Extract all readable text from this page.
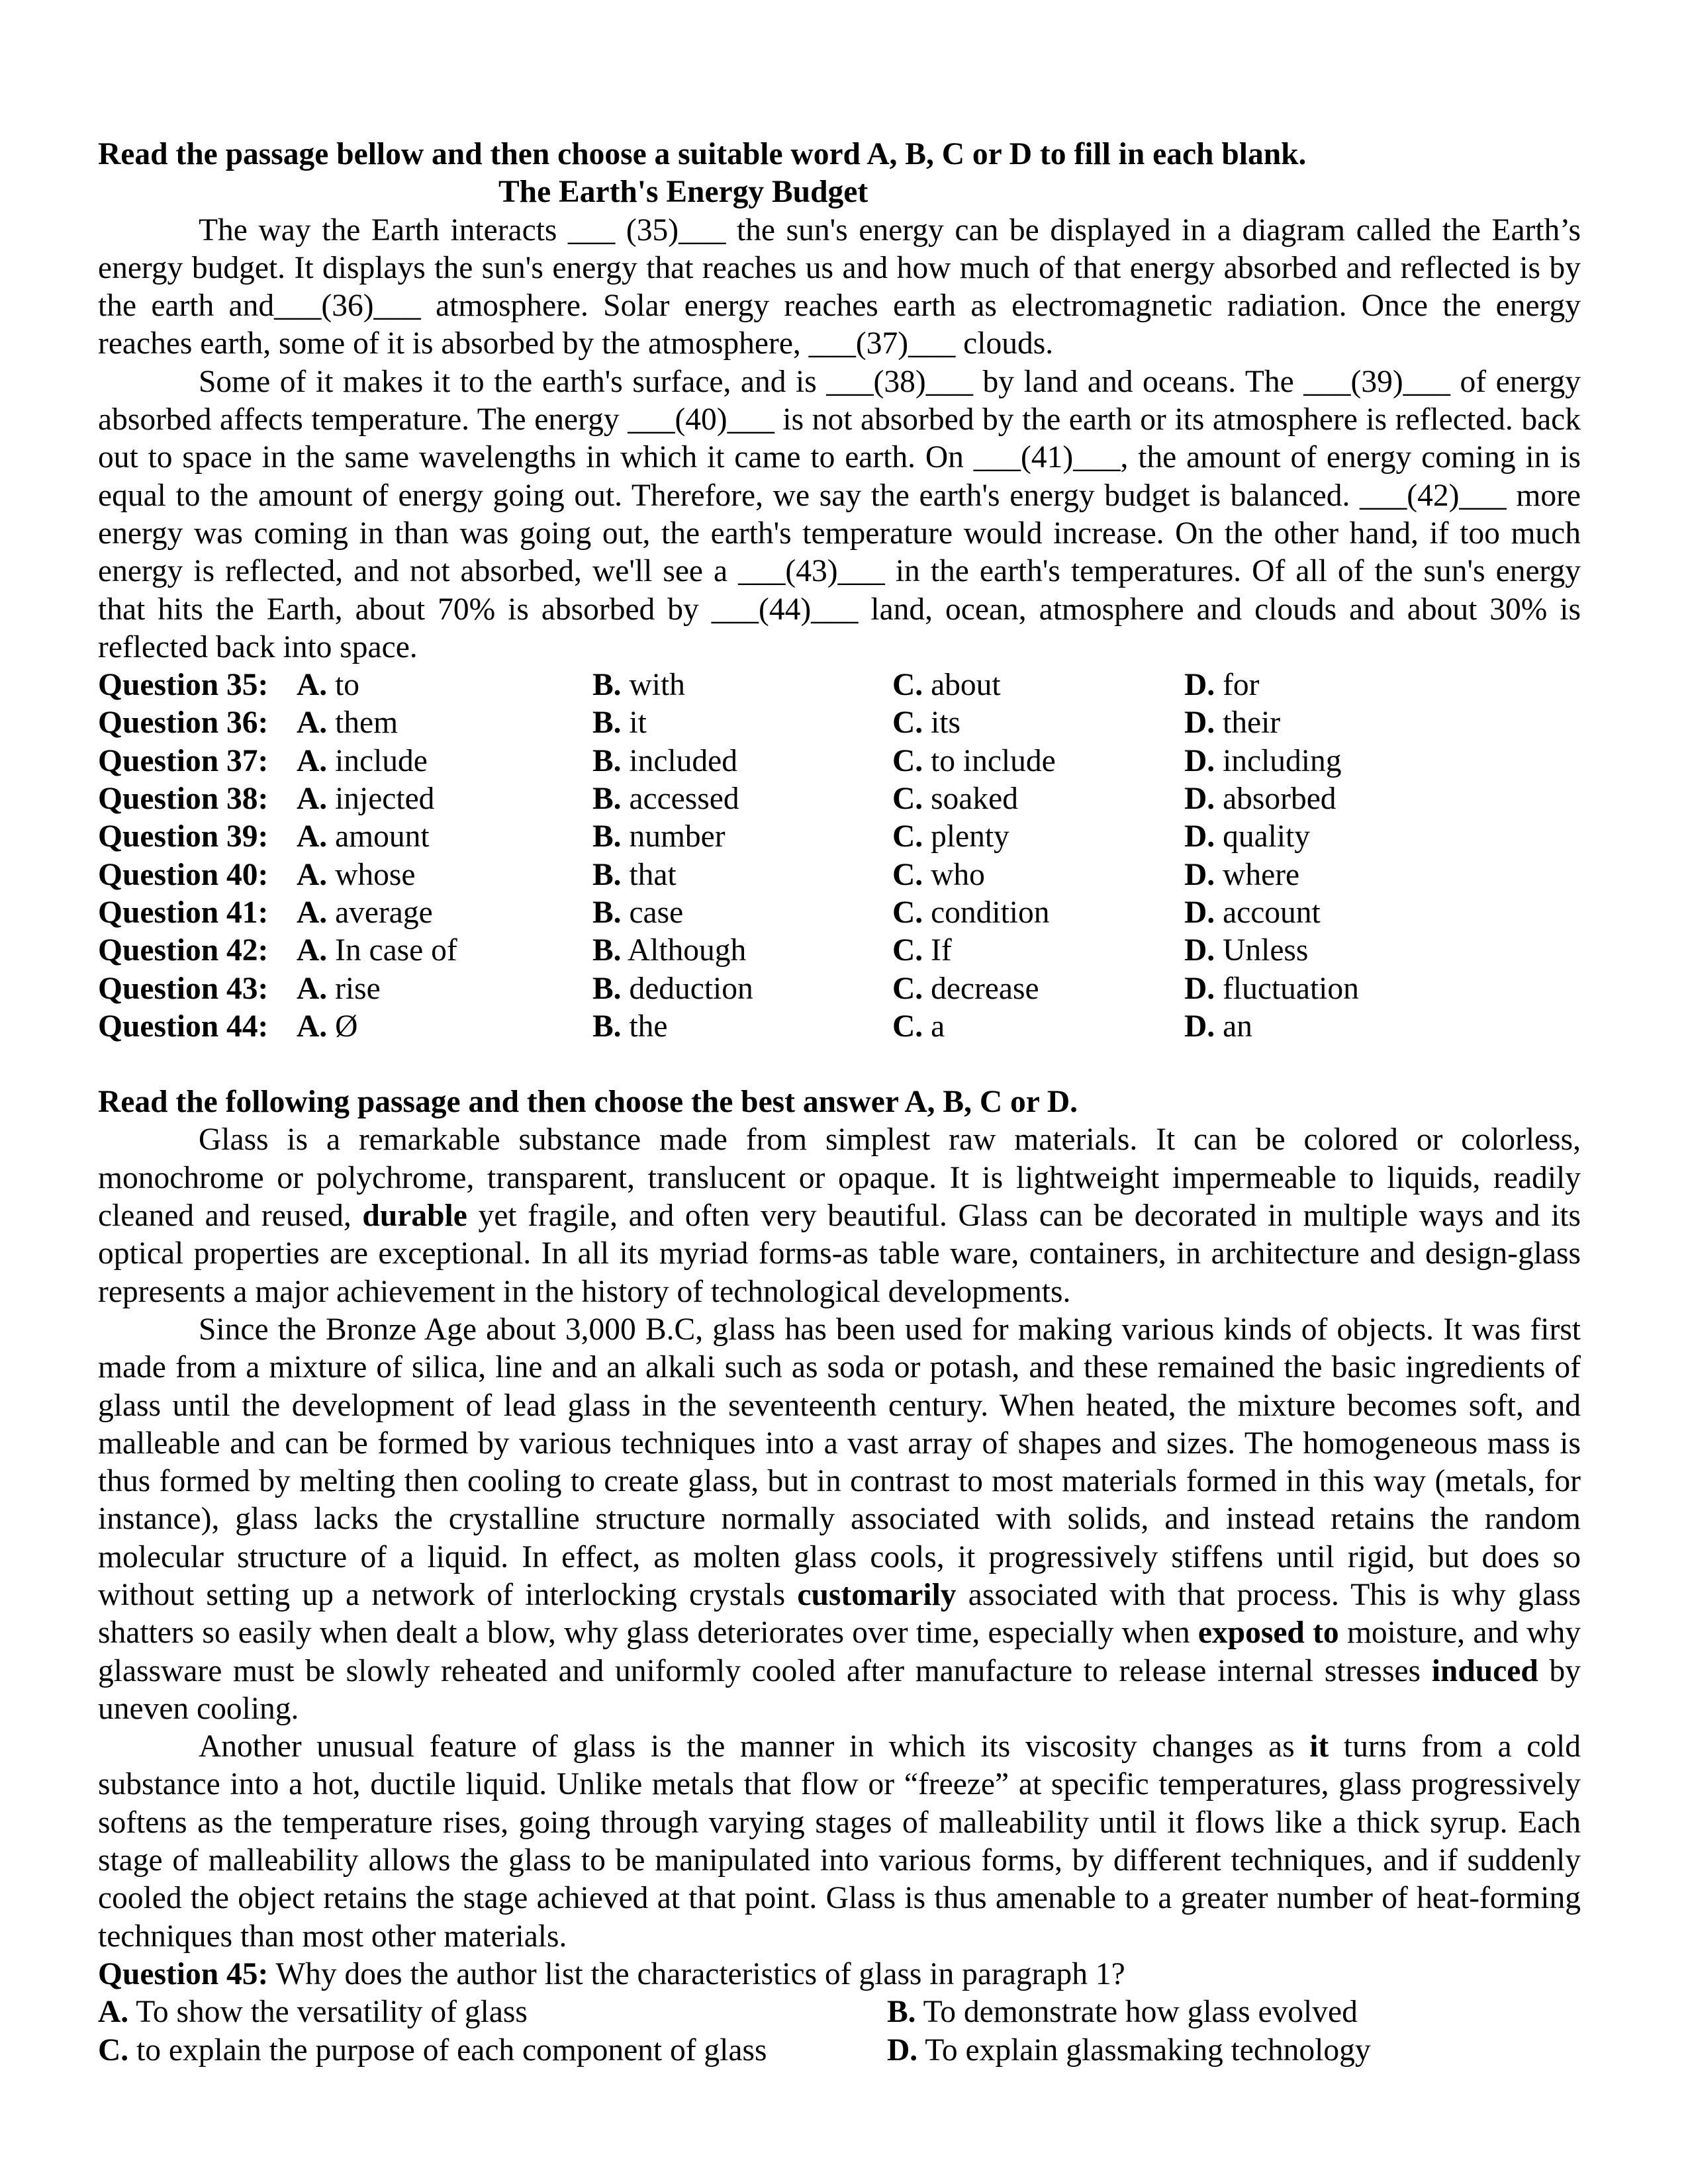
Read the passage bellow and then choose a suitable word A, B, C or D to fill in each blank.
The Earth's Energy Budget

The way the Earth interacts ___ (35)___ the sun's energy can be displayed in a diagram called the Earth’s energy budget. It displays the sun's energy that reaches us and how much of that energy absorbed and reflected is by the earth and___(36)___ atmosphere. Solar energy reaches earth as electromagnetic radiation. Once the energy reaches earth, some of it is absorbed by the atmosphere, ___(37)___ clouds.

Some of it makes it to the earth's surface, and is ___(38)___ by land and oceans. The ___(39)___ of energy absorbed affects temperature. The energy ___(40)___ is not absorbed by the earth or its atmosphere is reflected. back out to space in the same wavelengths in which it came to earth. On ___(41)___, the amount of energy coming in is equal to the amount of energy going out. Therefore, we say the earth's energy budget is balanced. ___(42)___ more energy was coming in than was going out, the earth's temperature would increase. On the other hand, if too much energy is reflected, and not absorbed, we'll see a ___(43)___ in the earth's temperatures. Of all of the sun's energy that hits the Earth, about 70% is absorbed by ___(44)___ land, ocean, atmosphere and clouds and about 30% is reflected back into space.

Question 35: A. to	B. with	C. about	D. for
Question 36: A. them	B. it	C. its	D. their
Question 37: A. include	B. included	C. to include	D. including
Question 38: A. injected	B. accessed	C. soaked	D. absorbed
Question 39: A. amount	B. number	C. plenty	D. quality
Question 40: A. whose	B. that	C. who	D. where
Question 41: A. average	B. case	C. condition	D. account
Question 42: A. In case of	B. Although	C. If	D. Unless
Question 43: A. rise	B. deduction	C. decrease	D. fluctuation
Question 44: A. Ø	B. the	C. a	D. an
Read the following passage and then choose the best answer A, B, C or D.

Glass is a remarkable substance made from simplest raw materials. It can be colored or colorless, monochrome or polychrome, transparent, translucent or opaque. It is lightweight impermeable to liquids, readily cleaned and reused, durable yet fragile, and often very beautiful. Glass can be decorated in multiple ways and its optical properties are exceptional. In all its myriad forms-as table ware, containers, in architecture and design-glass represents a major achievement in the history of technological developments.

Since the Bronze Age about 3,000 B.C, glass has been used for making various kinds of objects. It was first made from a mixture of silica, line and an alkali such as soda or potash, and these remained the basic ingredients of glass until the development of lead glass in the seventeenth century. When heated, the mixture becomes soft, and malleable and can be formed by various techniques into a vast array of shapes and sizes. The homogeneous mass is thus formed by melting then cooling to create glass, but in contrast to most materials formed in this way (metals, for instance), glass lacks the crystalline structure normally associated with solids, and instead retains the random molecular structure of a liquid. In effect, as molten glass cools, it progressively stiffens until rigid, but does so without setting up a network of interlocking crystals customarily associated with that process. This is why glass shatters so easily when dealt a blow, why glass deteriorates over time, especially when exposed to moisture, and why glassware must be slowly reheated and uniformly cooled after manufacture to release internal stresses induced by uneven cooling.

Another unusual feature of glass is the manner in which its viscosity changes as it turns from a cold substance into a hot, ductile liquid. Unlike metals that flow or “freeze” at specific temperatures, glass progressively softens as the temperature rises, going through varying stages of malleability until it flows like a thick syrup. Each stage of malleability allows the glass to be manipulated into various forms, by different techniques, and if suddenly cooled the object retains the stage achieved at that point. Glass is thus amenable to a greater number of heat-forming techniques than most other materials.

Question 45: Why does the author list the characteristics of glass in paragraph 1?
A. To show the versatility of glass	B. To demonstrate how glass evolved
C. to explain the purpose of each component of glass	D. To explain glassmaking technology
